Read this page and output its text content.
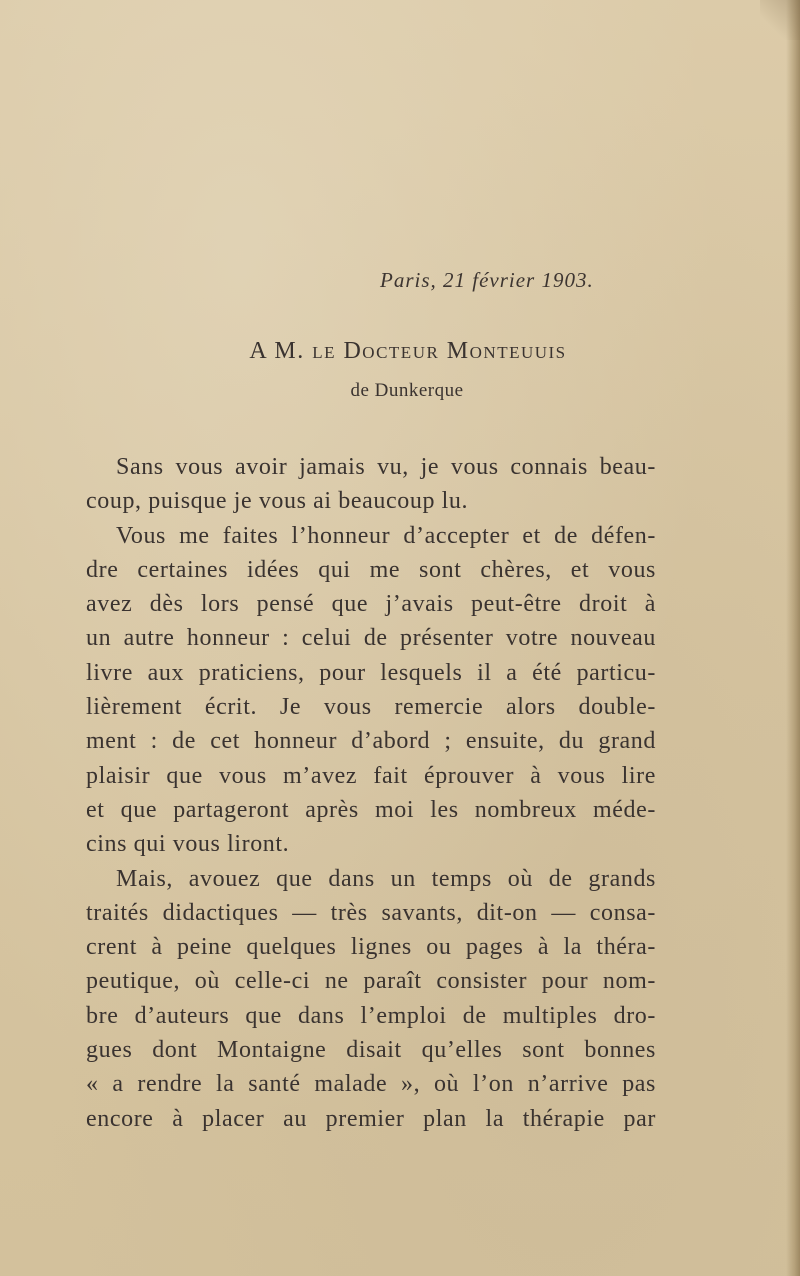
Paris, 21 février 1903.
A M. le Docteur Monteuuis
de Dunkerque
Sans vous avoir jamais vu, je vous connais beau-
coup, puisque je vous ai beaucoup lu.
Vous me faites l’honneur d’accepter et de défen-
dre certaines idées qui me sont chères, et vous
avez dès lors pensé que j’avais peut-être droit à
un autre honneur : celui de présenter votre nouveau
livre aux praticiens, pour lesquels il a été particu-
lièrement écrit. Je vous remercie alors double-
ment : de cet honneur d’abord ; ensuite, du grand
plaisir que vous m’avez fait éprouver à vous lire
et que partageront après moi les nombreux méde-
cins qui vous liront.
Mais, avouez que dans un temps où de grands
traités didactiques — très savants, dit-on — consa-
crent à peine quelques lignes ou pages à la théra-
peutique, où celle-ci ne paraît consister pour nom-
bre d’auteurs que dans l’emploi de multiples dro-
gues dont Montaigne disait qu’elles sont bonnes
« a rendre la santé malade », où l’on n’arrive pas
encore à placer au premier plan la thérapie par
